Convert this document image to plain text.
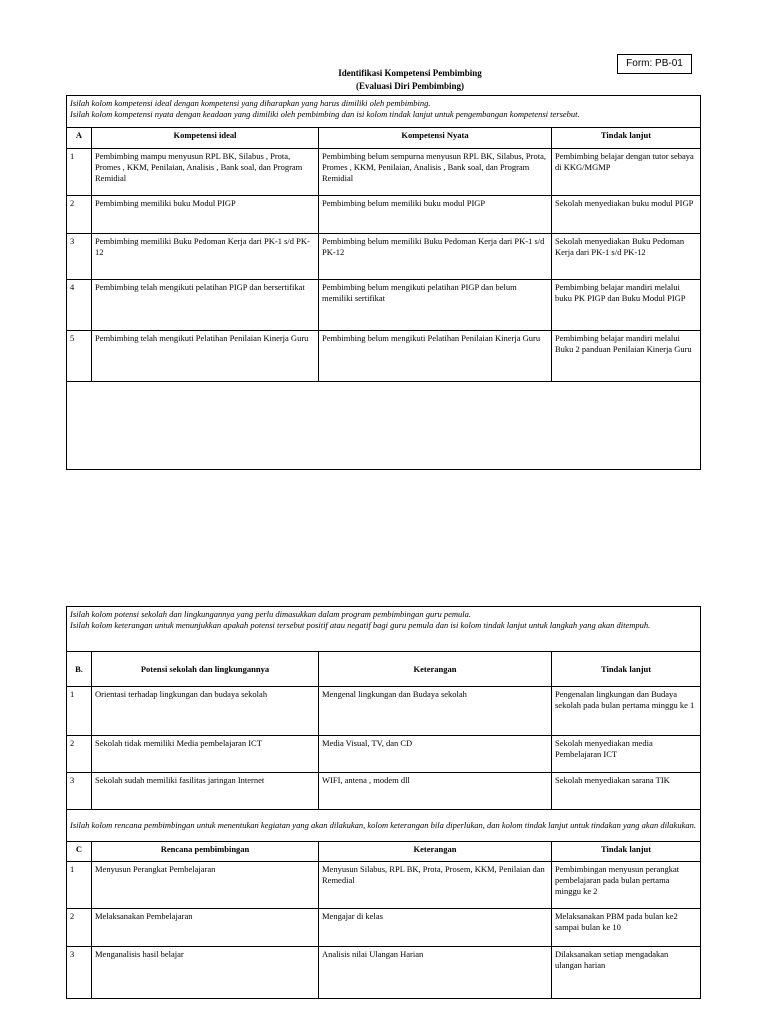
Form: PB-01
Identifikasi Kompetensi Pembimbing
(Evaluasi Diri Pembimbing)
Isilah kolom kompetensi ideal dengan kompetensi yang diharapkan yang harus dimiliki oleh pembimbing.
Isilah kolom kompetensi nyata dengan keadaan yang dimiliki oleh pembimbing dan isi kolom tindak lanjut untuk pengembangan kompetensi tersebut.			

A	Kompetensi ideal	Kompetensi Nyata	Tindak lanjut
1	Pembimbing mampu menyusun RPL BK, Silabus , Prota, Promes , KKM, Penilaian, Analisis , Bank soal, dan Program Remidial	Pembimbing belum sempurna menyusun RPL BK, Silabus, Prota, Promes , KKM, Penilaian, Analisis , Bank soal, dan Program Remidial	Pembimbing belajar dengan tutor sebaya di KKG/MGMP
2	Pembimbing memiliki buku Modul PIGP	Pembimbing belum memiliki buku modul PIGP	Sekolah menyediakan buku modul PIGP
3	Pembimbing memiliki Buku Pedoman Kerja dari PK-1 s/d PK-12	Pembimbing belum memiliki Buku Pedoman Kerja dari PK-1 s/d PK-12	Sekolah menyediakan Buku Pedoman Kerja dari PK-1 s/d PK-12
4	Pembimbing telah mengikuti pelatihan PIGP dan bersertifikat	Pembimbing belum mengikuti pelatihan PIGP dan belum memiliki sertifikat	Pembimbing belajar mandiri melalui buku PK PIGP dan Buku Modul PIGP
5	Pembimbing telah mengikuti Pelatihan Penilaian Kinerja Guru	Pembimbing belum mengikuti Pelatihan Penilaian Kinerja Guru	Pembimbing belajar mandiri melalui Buku 2 panduan Penilaian Kinerja Guru

Isilah kolom potensi sekolah dan lingkungannya yang perlu dimasukkan dalam program pembimbingan guru pemula.
Isilah kolom keterangan untuk menunjukkan apakah potensi tersebut positif atau negatif bagi guru pemula dan isi kolom tindak lanjut untuk langkah yang akan ditempuh.			

B.	Potensi sekolah dan lingkungannya	Keterangan	Tindak lanjut
1	Orientasi terhadap lingkungan dan budaya sekolah	Mengenal lingkungan dan Budaya sekolah	Pengenalan lingkungan dan Budaya sekolah pada bulan pertama minggu ke 1
2	Sekolah tidak memiliki Media pembelajaran ICT	Media Visual, TV, dan CD	Sekolah menyediakan media Pembelajaran ICT
3	Sekolah sudah memiliki fasilitas jaringan Internet	WIFI, antena , modem dll	Sekolah menyediakan sarana TIK

Isilah kolom rencana pembimbingan untuk menentukan kegiatan yang akan dilakukan, kolom keterangan bila diperlukan, dan kolom tindak lanjut untuk tindakan yang akan dilakukan.			

C	Rencana pembimbingan	Keterangan	Tindak lanjut
1	Menyusun Perangkat Pembelajaran	Menyusun Silabus, RPL BK, Prota, Prosem, KKM, Penilaian dan Remedial	Pembimbingan menyusun perangkat pembelajaran pada bulan pertama minggu ke 2
2	Melaksanakan Pembelajaran	Mengajar di kelas	Melaksanakan PBM pada bulan ke2 sampai bulan ke 10
3	Menganalisis hasil belajar	Analisis nilai Ulangan Harian	Dilaksanakan setiap mengadakan ulangan harian
